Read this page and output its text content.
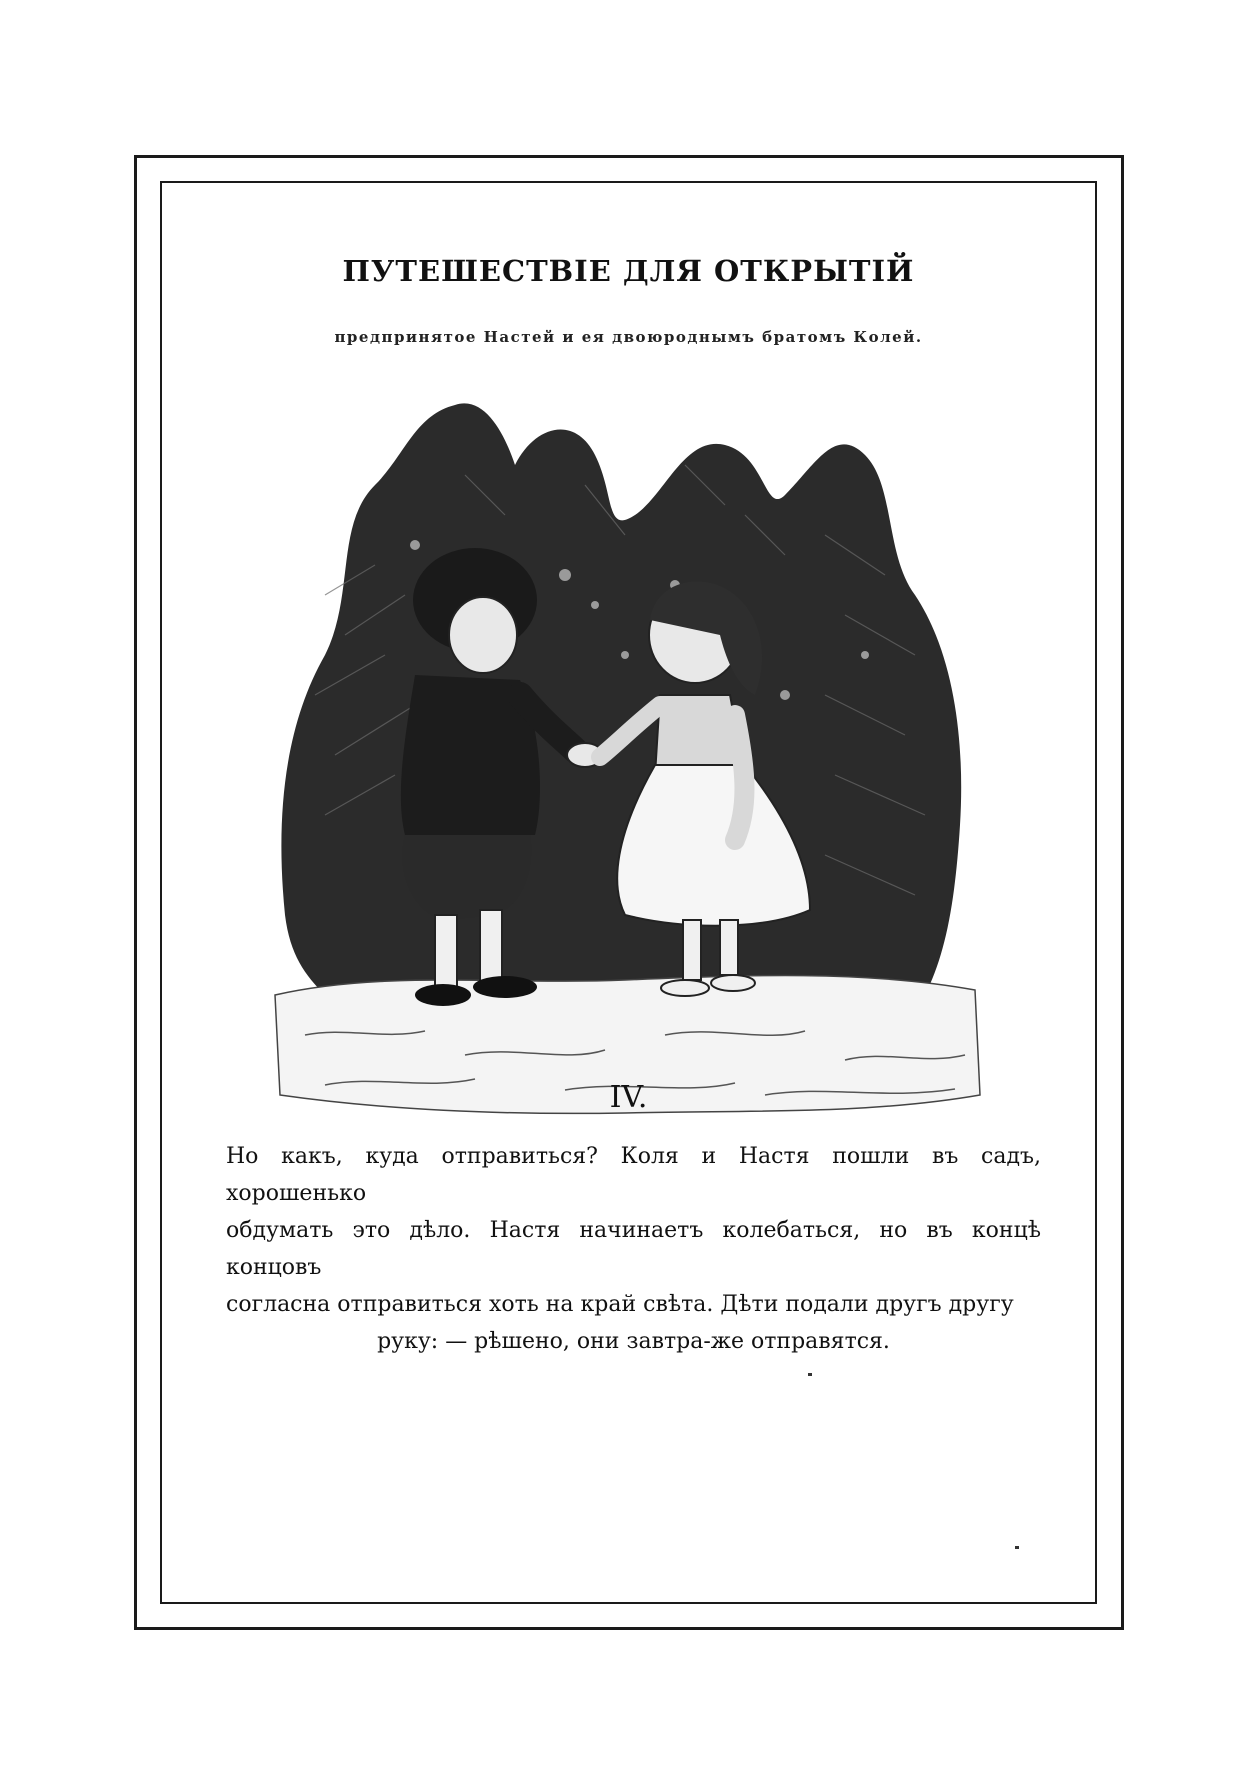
ПУТЕШЕСТВІЕ ДЛЯ ОТКРЫТІЙ
предпринятое Настей и ея двоюроднымъ братомъ Колей.
IV.
Но какъ, куда отправиться? Коля и Настя пошли въ садъ, хорошенько
обдумать это дѣло. Настя начинаетъ колебаться, но въ концѣ концовъ
согласна отправиться хоть на край свѣта. Дѣти подали другъ другу
руку: — рѣшено, они завтра-же отправятся.
